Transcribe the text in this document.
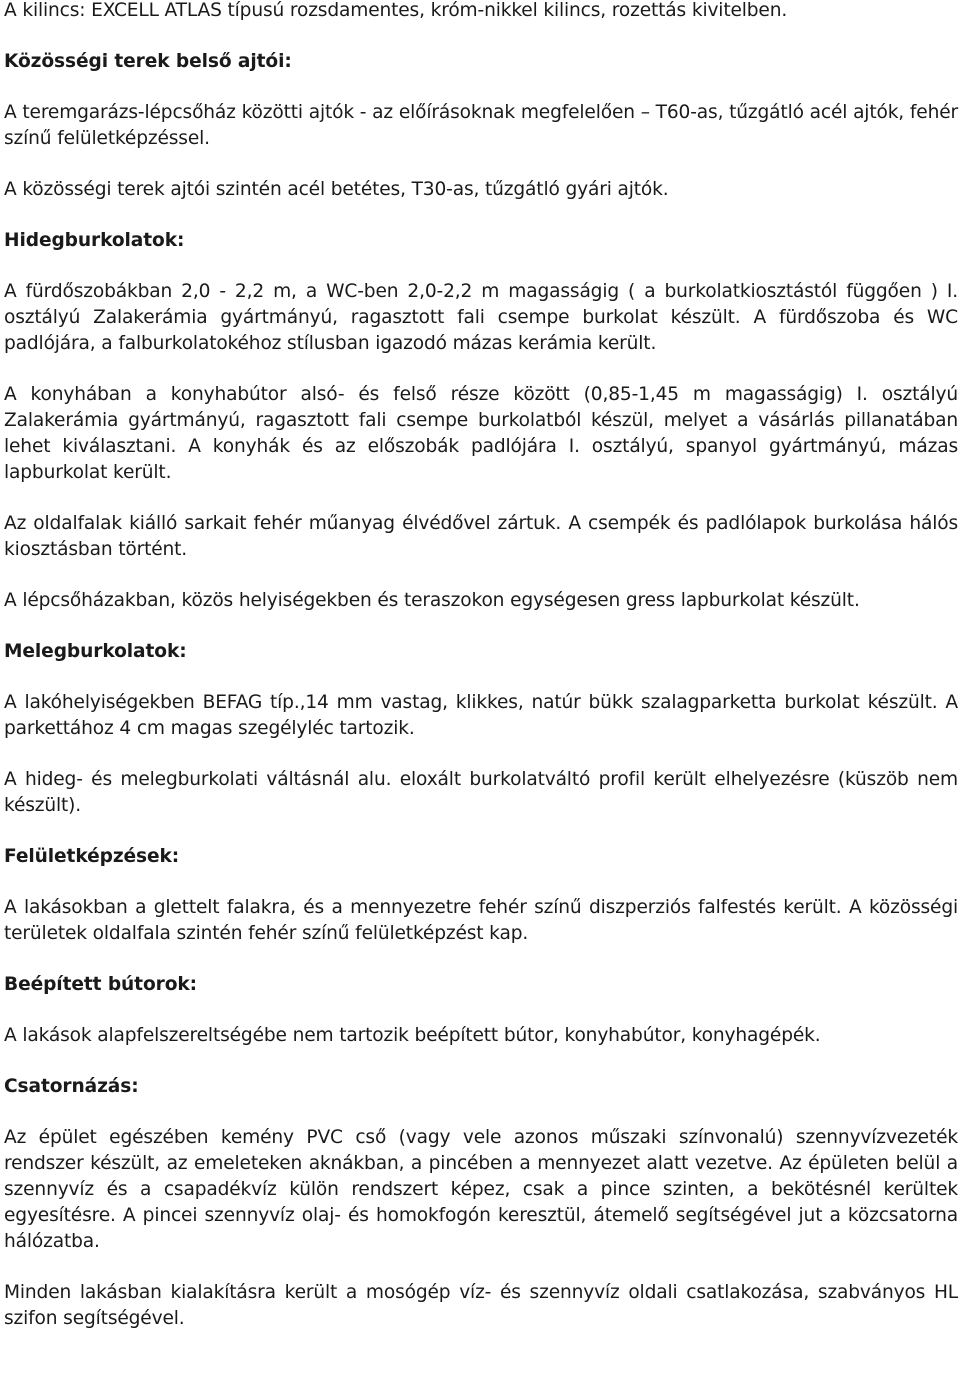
A kilincs: EXCELL ATLAS típusú rozsdamentes, króm-nikkel kilincs, rozettás kivitelben.

Közösségi terek belső ajtói:

A teremgarázs-lépcsőház közötti ajtók - az előírásoknak megfelelően – T60-as, tűzgátló acél ajtók, fehér színű felületképzéssel.

A közösségi terek ajtói szintén acél betétes, T30-as, tűzgátló gyári ajtók.

Hidegburkolatok:

A fürdőszobákban 2,0 - 2,2 m, a WC-ben 2,0-2,2 m magasságig ( a burkolatkiosztástól függően ) I. osztályú Zalakerámia gyártmányú, ragasztott fali csempe burkolat készült. A fürdőszoba és WC padlójára, a falburkolatokéhoz stílusban igazodó mázas kerámia került.

A konyhában a konyhabútor alsó- és felső része között (0,85-1,45 m magasságig) I. osztályú Zalakerámia gyártmányú, ragasztott fali csempe burkolatból készül, melyet a vásárlás pillanatában lehet kiválasztani. A konyhák és az előszobák padlójára I. osztályú, spanyol gyártmányú, mázas lapburkolat került.

Az oldalfalak kiálló sarkait fehér műanyag élvédővel zártuk. A csempék és padlólapok burkolása hálós kiosztásban történt.

A lépcsőházakban, közös helyiségekben és teraszokon egységesen gress lapburkolat készült.

Melegburkolatok:

A lakóhelyiségekben BEFAG típ.,14 mm vastag, klikkes, natúr bükk szalagparketta burkolat készült. A parkettához 4 cm magas szegélyléc tartozik.

A hideg- és melegburkolati váltásnál alu. eloxált burkolatváltó profil került elhelyezésre (küszöb nem készült).

Felületképzések:

A lakásokban a glettelt falakra, és a mennyezetre fehér színű diszperziós falfestés került. A közösségi területek oldalfala szintén fehér színű felületképzést kap.

Beépített bútorok:

A lakások alapfelszereltségébe nem tartozik beépített bútor, konyhabútor, konyhagépék.

Csatornázás:

Az épület egészében kemény PVC cső (vagy vele azonos műszaki színvonalú) szennyvízvezeték rendszer készült, az emeleteken aknákban, a pincében a mennyezet alatt vezetve. Az épületen belül a szennyvíz és a csapadékvíz külön rendszert képez, csak a pince szinten, a bekötésnél kerültek egyesítésre. A pincei szennyvíz olaj- és homokfogón keresztül, átemelő segítségével jut a közcsatorna hálózatba.

Minden lakásban kialakításra került a mosógép víz- és szennyvíz oldali csatlakozása, szabványos HL szifon segítségével.
